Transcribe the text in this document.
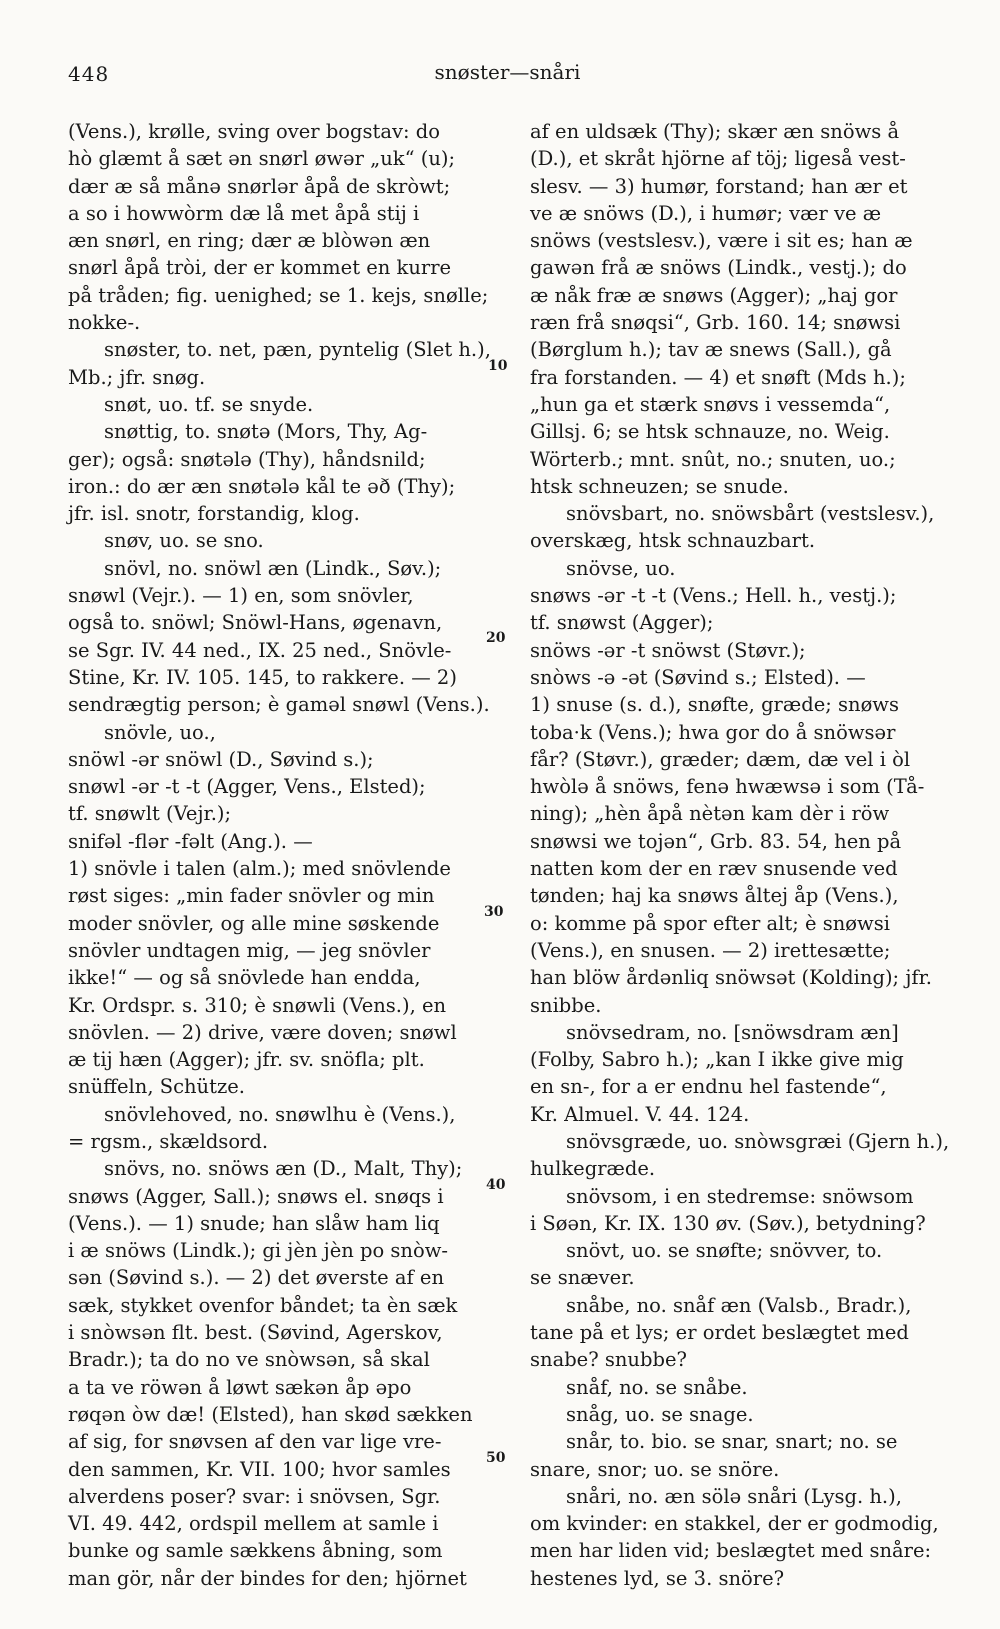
448	snøster—snåri
(Vens.), krølle, sving over bogstav: do
hò glæmt å sæt ən snørl øwər „uk“ (u);
dær æ så månə snørlər åpå de skròwt;
a so i howwòrm dæ lå met åpå stij i
æn snørl, en ring; dær æ blòwən æn
snørl åpå tròi, der er kommet en kurre
på tråden; fig. uenighed; se 1. kejs, snølle;
nokke-.
snøster, to. net, pæn, pyntelig (Slet h.),
Mb.; jfr. snøg.
snøt, uo. tf. se snyde.
snøttig, to. snøtə (Mors, Thy, Ag-
ger); også: snøtələ (Thy), håndsnild;
iron.: do ær æn snøtələ kål te əð (Thy);
jfr. isl. snotr, forstandig, klog.
snøv, uo. se sno.
snövl, no. snöwl æn (Lindk., Søv.);
snøwl (Vejr.). — 1) en, som snövler,
også to. snöwl; Snöwl-Hans, øgenavn,
se Sgr. IV. 44 ned., IX. 25 ned., Snövle-
Stine, Kr. IV. 105. 145, to rakkere. — 2)
sendrægtig person; è gaməl snøwl (Vens.).
snövle, uo.,
snöwl -ər snöwl (D., Søvind s.);
snøwl -ər -t -t (Agger, Vens., Elsted);
tf. snøwlt (Vejr.);
snifəl -flər -fəlt (Ang.). —
1) snövle i talen (alm.); med snövlende
røst siges: „min fader snövler og min
moder snövler, og alle mine søskende
snövler undtagen mig, — jeg snövler
ikke!“ — og så snövlede han endda,
Kr. Ordspr. s. 310; è snøwli (Vens.), en
snövlen. — 2) drive, være doven; snøwl
æ tij hæn (Agger); jfr. sv. snöfla; plt.
snüffeln, Schütze.
snövlehoved, no. snøwlhu è (Vens.),
= rgsm., skældsord.
snövs, no. snöws æn (D., Malt, Thy);
snøws (Agger, Sall.); snøws el. snøqs i
(Vens.). — 1) snude; han slåw ham liq
i æ snöws (Lindk.); gi jèn jèn po snòw-
sən (Søvind s.). — 2) det øverste af en
sæk, stykket ovenfor båndet; ta èn sæk
i snòwsən flt. best. (Søvind, Agerskov,
Bradr.); ta do no ve snòwsən, så skal
a ta ve röwən å løwt sækən åp əpo
røqən òw dæ! (Elsted), han skød sækken
af sig, for snøvsen af den var lige vre-
den sammen, Kr. VII. 100; hvor samles
alverdens poser? svar: i snövsen, Sgr.
VI. 49. 442, ordspil mellem at samle i
bunke og samle sækkens åbning, som
man gör, når der bindes for den; hjörnet
10
20
30
40
50
af en uldsæk (Thy); skær æn snöws å
(D.), et skråt hjörne af töj; ligeså vest-
slesv. — 3) humør, forstand; han ær et
ve æ snöws (D.), i humør; vær ve æ
snöws (vestslesv.), være i sit es; han æ
gawən frå æ snöws (Lindk., vestj.); do
æ nåk fræ æ snøws (Agger); „haj gor
ræn frå snøqsi“, Grb. 160. 14; snøwsi
(Børglum h.); tav æ snews (Sall.), gå
fra forstanden. — 4) et snøft (Mds h.);
„hun ga et stærk snøvs i vessemda“,
Gillsj. 6; se htsk schnauze, no. Weig.
Wörterb.; mnt. snût, no.; snuten, uo.;
htsk schneuzen; se snude.
snövsbart, no. snöwsbårt (vestslesv.),
overskæg, htsk schnauzbart.
snövse, uo.
snøws -ər -t -t (Vens.; Hell. h., vestj.);
tf. snøwst (Agger);
snöws -ər -t snöwst (Støvr.);
snòws -ə -ət (Søvind s.; Elsted). —
1) snuse (s. d.), snøfte, græde; snøws
toba·k (Vens.); hwa gor do å snöwsər
får? (Støvr.), græder; dæm, dæ vel i òl
hwòlə å snöws, fenə hwæwsə i som (Tå-
ning); „hèn åpå nètən kam dèr i röw
snøwsi we tojən“, Grb. 83. 54, hen på
natten kom der en ræv snusende ved
tønden; haj ka snøws åltej åp (Vens.),
o: komme på spor efter alt; è snøwsi
(Vens.), en snusen. — 2) irettesætte;
han blöw årdənliq snöwsət (Kolding); jfr.
snibbe.
snövsedram, no. [snöwsdram æn]
(Folby, Sabro h.); „kan I ikke give mig
en sn-, for a er endnu hel fastende“,
Kr. Almuel. V. 44. 124.
snövsgræde, uo. snòwsgræi (Gjern h.),
hulkegræde.
snövsom, i en stedremse: snöwsom
i Søən, Kr. IX. 130 øv. (Søv.), betydning?
snövt, uo. se snøfte; snövver, to.
se snæver.
snåbe, no. snåf æn (Valsb., Bradr.),
tane på et lys; er ordet beslægtet med
snabe? snubbe?
snåf, no. se snåbe.
snåg, uo. se snage.
snår, to. bio. se snar, snart; no. se
snare, snor; uo. se snöre.
snåri, no. æn sölə snåri (Lysg. h.),
om kvinder: en stakkel, der er godmodig,
men har liden vid; beslægtet med snåre:
hestenes lyd, se 3. snöre?
